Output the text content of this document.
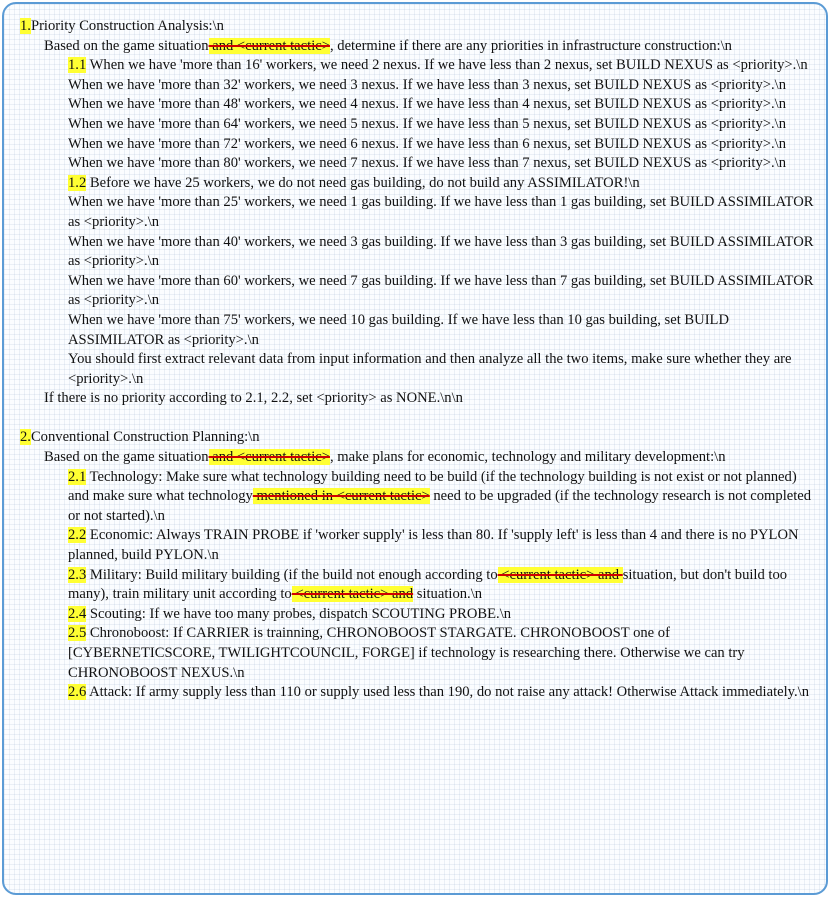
1.Priority Construction Analysis:\n
Based on the game situation and <current tactic>, determine if there are any priorities in infrastructure construction:\n
1.1 When we have 'more than 16' workers, we need 2 nexus. If we have less than 2 nexus, set BUILD NEXUS as <priority>.\n
When we have 'more than 32' workers, we need 3 nexus. If we have less than 3 nexus, set BUILD NEXUS as <priority>.\n
When we have 'more than 48' workers, we need 4 nexus. If we have less than 4 nexus, set BUILD NEXUS as <priority>.\n
When we have 'more than 64' workers, we need 5 nexus. If we have less than 5 nexus, set BUILD NEXUS as <priority>.\n
When we have 'more than 72' workers, we need 6 nexus. If we have less than 6 nexus, set BUILD NEXUS as <priority>.\n
When we have 'more than 80' workers, we need 7 nexus. If we have less than 7 nexus, set BUILD NEXUS as <priority>.\n
1.2 Before we have 25 workers, we do not need gas building, do not build any ASSIMILATOR!\n
When we have 'more than 25' workers, we need 1 gas building. If we have less than 1 gas building, set BUILD ASSIMILATOR as <priority>.\n
When we have 'more than 40' workers, we need 3 gas building. If we have less than 3 gas building, set BUILD ASSIMILATOR as <priority>.\n
When we have 'more than 60' workers, we need 7 gas building. If we have less than 7 gas building, set BUILD ASSIMILATOR as <priority>.\n
When we have 'more than 75' workers, we need 10 gas building. If we have less than 10 gas building, set BUILD ASSIMILATOR as <priority>.\n
You should first extract relevant data from input information and then analyze all the two items, make sure whether they are <priority>.\n
If there is no priority according to 2.1, 2.2, set <priority> as NONE.\n\n
2.Conventional Construction Planning:\n
Based on the game situation and <current tactic>, make plans for economic, technology and military development:\n
2.1 Technology: Make sure what technology building need to be build (if the technology building is not exist or not planned) and make sure what technology mentioned in <current tactic> need to be upgraded (if the technology research is not completed or not started).\n
2.2 Economic: Always TRAIN PROBE if 'worker supply' is less than 80. If 'supply left' is less than 4 and there is no PYLON planned, build PYLON.\n
2.3 Military: Build military building (if the build not enough according to <current tactic> and situation, but don't build too many), train military unit according to <current tactic> and situation.\n
2.4 Scouting: If we have too many probes, dispatch SCOUTING PROBE.\n
2.5 Chronoboost: If CARRIER is trainning, CHRONOBOOST STARGATE. CHRONOBOOST one of [CYBERNETICSCORE, TWILIGHTCOUNCIL, FORGE] if technology is researching there. Otherwise we can try CHRONOBOOST NEXUS.\n
2.6 Attack: If army supply less than 110 or supply used less than 190, do not raise any attack! Otherwise Attack immediately.\n
